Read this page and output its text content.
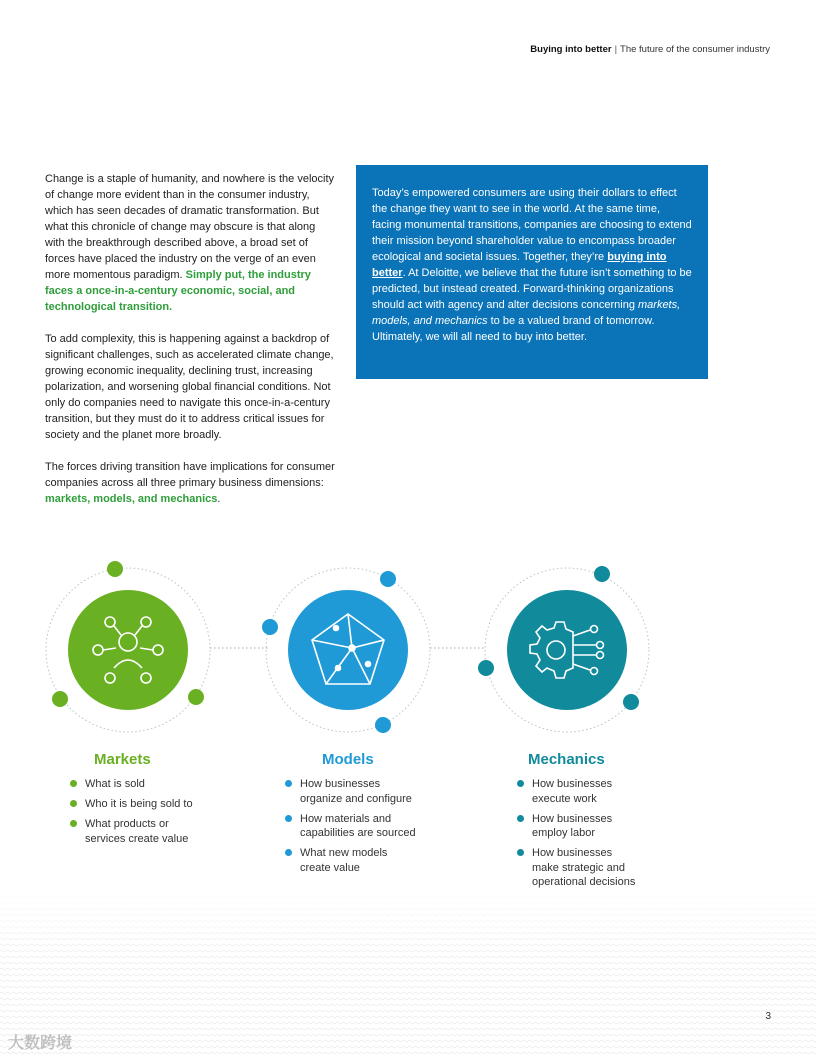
Buying into better | The future of the consumer industry

Change is a staple of humanity, and nowhere is the velocity of change more evident than in the consumer industry, which has seen decades of dramatic transformation. But what this chronicle of change may obscure is that along with the breakthrough described above, a broad set of forces have placed the industry on the verge of an even more momentous paradigm. Simply put, the industry faces a once-in-a-century economic, social, and technological transition.

To add complexity, this is happening against a backdrop of significant challenges, such as accelerated climate change, growing economic inequality, declining trust, increasing polarization, and worsening global financial conditions. Not only do companies need to navigate this once-in-a-century transition, but they must do it to address critical issues for society and the planet more broadly.

The forces driving transition have implications for consumer companies across all three primary business dimensions: markets, models, and mechanics.

Today’s empowered consumers are using their dollars to effect the change they want to see in the world. At the same time, facing monumental transitions, companies are choosing to extend their mission beyond shareholder value to encompass broader ecological and societal issues. Together, they’re buying into better. At Deloitte, we believe that the future isn’t something to be predicted, but instead created. Forward-thinking organizations should act with agency and alter decisions concerning markets, models, and mechanics to be a valued brand of tomorrow. Ultimately, we will all need to buy into better.
Markets
What is sold
Who it is being sold to
What products or
services create value
Models
How businesses
organize and configure
How materials and
capabilities are sourced
What new models
create value
Mechanics
How businesses
execute work
How businesses
employ labor
How businesses
make strategic and
operational decisions
3
大数跨境
